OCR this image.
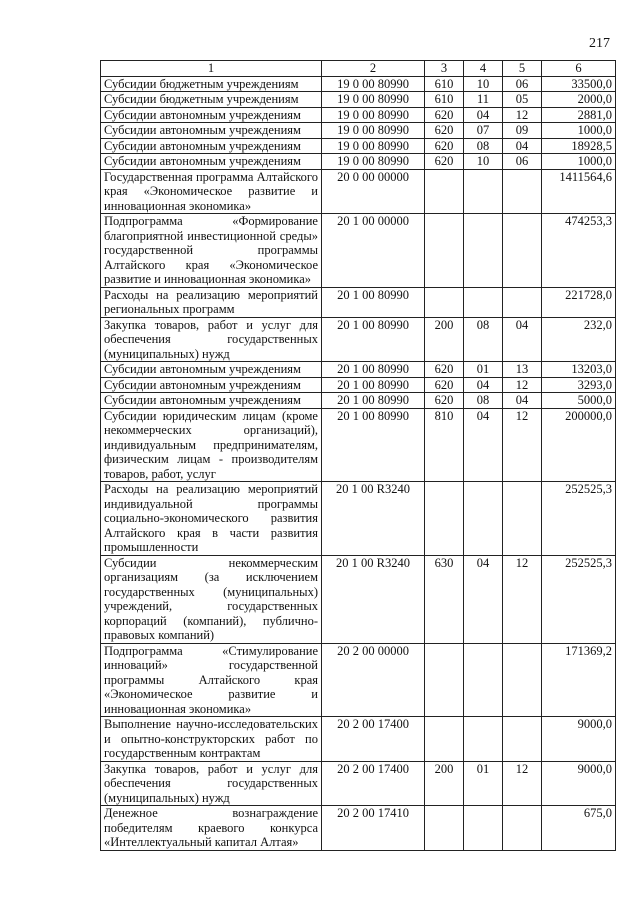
217
1	2	3	4	5	6
Субсидии бюджетным учреждениям	19 0 00 80990	610	10	06	33500,0
Субсидии бюджетным учреждениям	19 0 00 80990	610	11	05	2000,0
Субсидии автономным учреждениям	19 0 00 80990	620	04	12	2881,0
Субсидии автономным учреждениям	19 0 00 80990	620	07	09	1000,0
Субсидии автономным учреждениям	19 0 00 80990	620	08	04	18928,5
Субсидии автономным учреждениям	19 0 00 80990	620	10	06	1000,0
Государственная программа Алтайского края «Экономическое развитие и инновационная экономика»	20 0 00 00000				1411564,6
Подпрограмма «Формирование благоприятной инвестиционной среды» государственной программы Алтайского края «Экономическое развитие и инновационная экономика»	20 1 00 00000				474253,3
Расходы на реализацию мероприятий региональных программ	20 1 00 80990				221728,0
Закупка товаров, работ и услуг для обеспечения государственных (муниципальных) нужд	20 1 00 80990	200	08	04	232,0
Субсидии автономным учреждениям	20 1 00 80990	620	01	13	13203,0
Субсидии автономным учреждениям	20 1 00 80990	620	04	12	3293,0
Субсидии автономным учреждениям	20 1 00 80990	620	08	04	5000,0
Субсидии юридическим лицам (кроме некоммерческих организаций), индивидуальным предпринимателям, физическим лицам - производителям товаров, работ, услуг	20 1 00 80990	810	04	12	200000,0
Расходы на реализацию мероприятий индивидуальной программы социально-экономического развития Алтайского края в части развития промышленности	20 1 00 R3240				252525,3
Субсидии некоммерческим организациям (за исключением государственных (муниципальных) учреждений, государственных корпораций (компаний), публично-правовых компаний)	20 1 00 R3240	630	04	12	252525,3
Подпрограмма «Стимулирование инноваций» государственной программы Алтайского края «Экономическое развитие и инновационная экономика»	20 2 00 00000				171369,2
Выполнение научно-исследовательских и опытно-конструкторских работ по государственным контрактам	20 2 00 17400				9000,0
Закупка товаров, работ и услуг для обеспечения государственных (муниципальных) нужд	20 2 00 17400	200	01	12	9000,0
Денежное вознаграждение победителям краевого конкурса «Интеллектуальный капитал Алтая»	20 2 00 17410				675,0
